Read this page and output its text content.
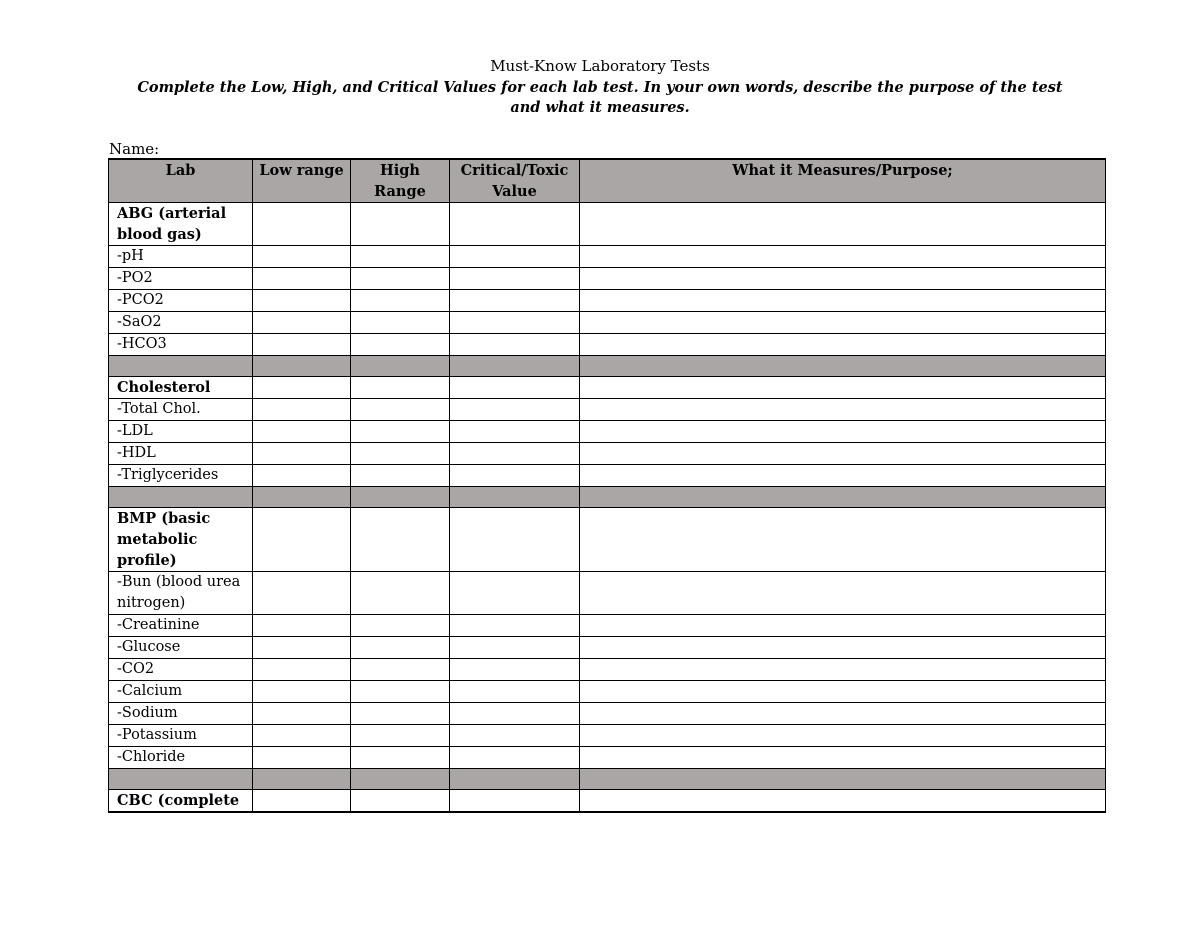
Must-Know Laboratory Tests
Complete the Low, High, and Critical Values for each lab test. In your own words, describe the purpose of the test and what it measures.
Name:
Lab	Low range	High Range	Critical/Toxic Value	What it Measures/Purpose;
ABG (arterial blood gas)				
-pH				
-PO2				
-PCO2				
-SaO2				
-HCO3				

Cholesterol				
-Total Chol.				
-LDL				
-HDL				
-Triglycerides				

BMP (basic metabolic profile)				
-Bun (blood urea nitrogen)				
-Creatinine				
-Glucose				
-CO2				
-Calcium				
-Sodium				
-Potassium				
-Chloride				

CBC (complete				
